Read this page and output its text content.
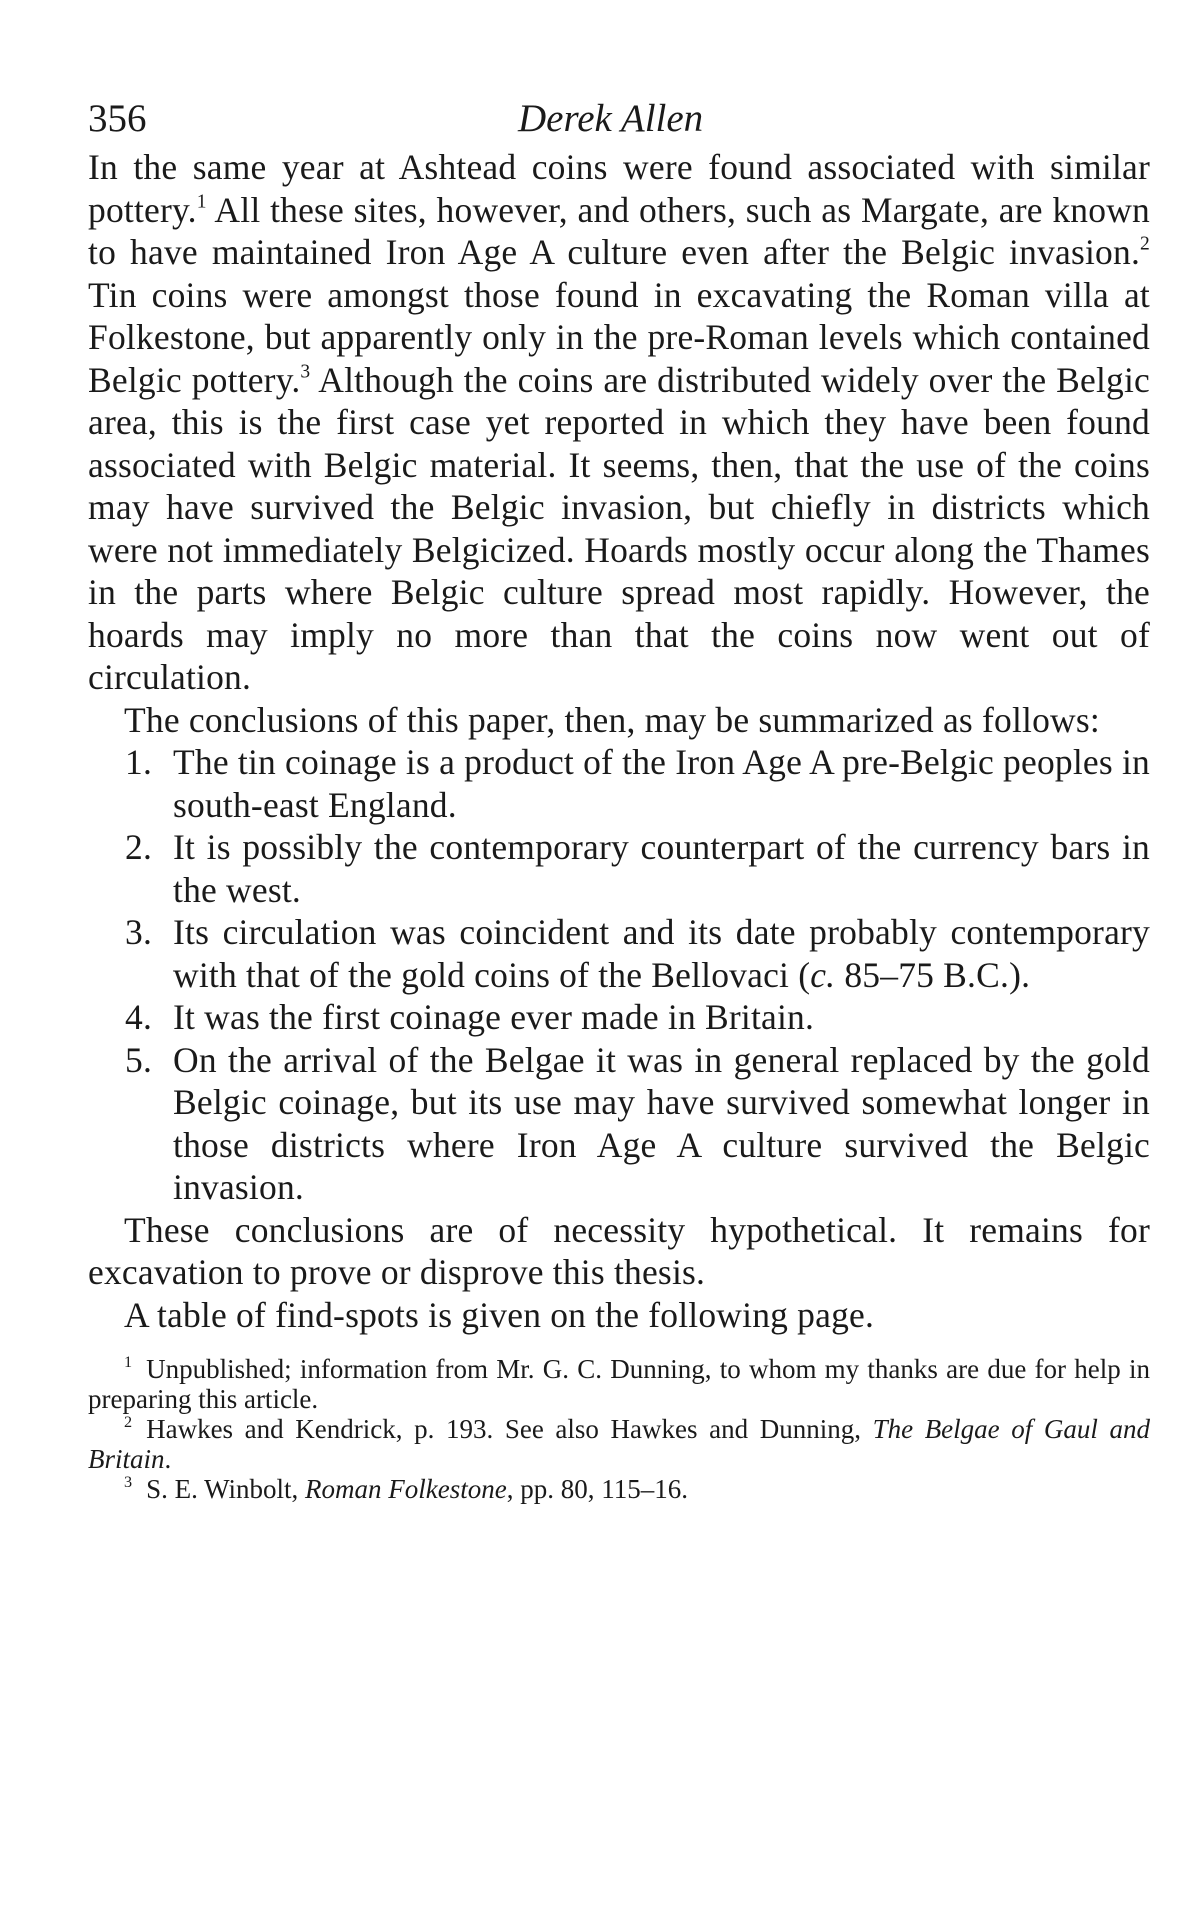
356	Derek Allen

In the same year at Ashtead coins were found associated with similar pottery.$^1$ All these sites, however, and others, such as Margate, are known to have maintained Iron Age A culture even after the Belgic invasion.$^2$ Tin coins were amongst those found in excavating the Roman villa at Folkestone, but apparently only in the pre-Roman levels which contained Belgic pottery.$^3$ Although the coins are distributed widely over the Belgic area, this is the first case yet reported in which they have been found associated with Belgic material. It seems, then, that the use of the coins may have survived the Belgic invasion, but chiefly in districts which were not immediately Belgicized. Hoards mostly occur along the Thames in the parts where Belgic culture spread most rapidly. However, the hoards may imply no more than that the coins now went out of circulation.

The conclusions of this paper, then, may be summarized as follows:

1. The tin coinage is a product of the Iron Age A pre-Belgic peoples in south-east England.
2. It is possibly the contemporary counterpart of the currency bars in the west.
3. Its circulation was coincident and its date probably contemporary with that of the gold coins of the Bellovaci (c. 85–75 B.C.).
4. It was the first coinage ever made in Britain.
5. On the arrival of the Belgae it was in general replaced by the gold Belgic coinage, but its use may have survived somewhat longer in those districts where Iron Age A culture survived the Belgic invasion.

These conclusions are of necessity hypothetical. It remains for excavation to prove or disprove this thesis.

A table of find-spots is given on the following page.

$^1$ Unpublished; information from Mr. G. C. Dunning, to whom my thanks are due for help in preparing this article.

$^2$ Hawkes and Kendrick, p. 193. See also Hawkes and Dunning, The Belgae of Gaul and Britain.

$^3$ S. E. Winbolt, Roman Folkestone, pp. 80, 115–16.
